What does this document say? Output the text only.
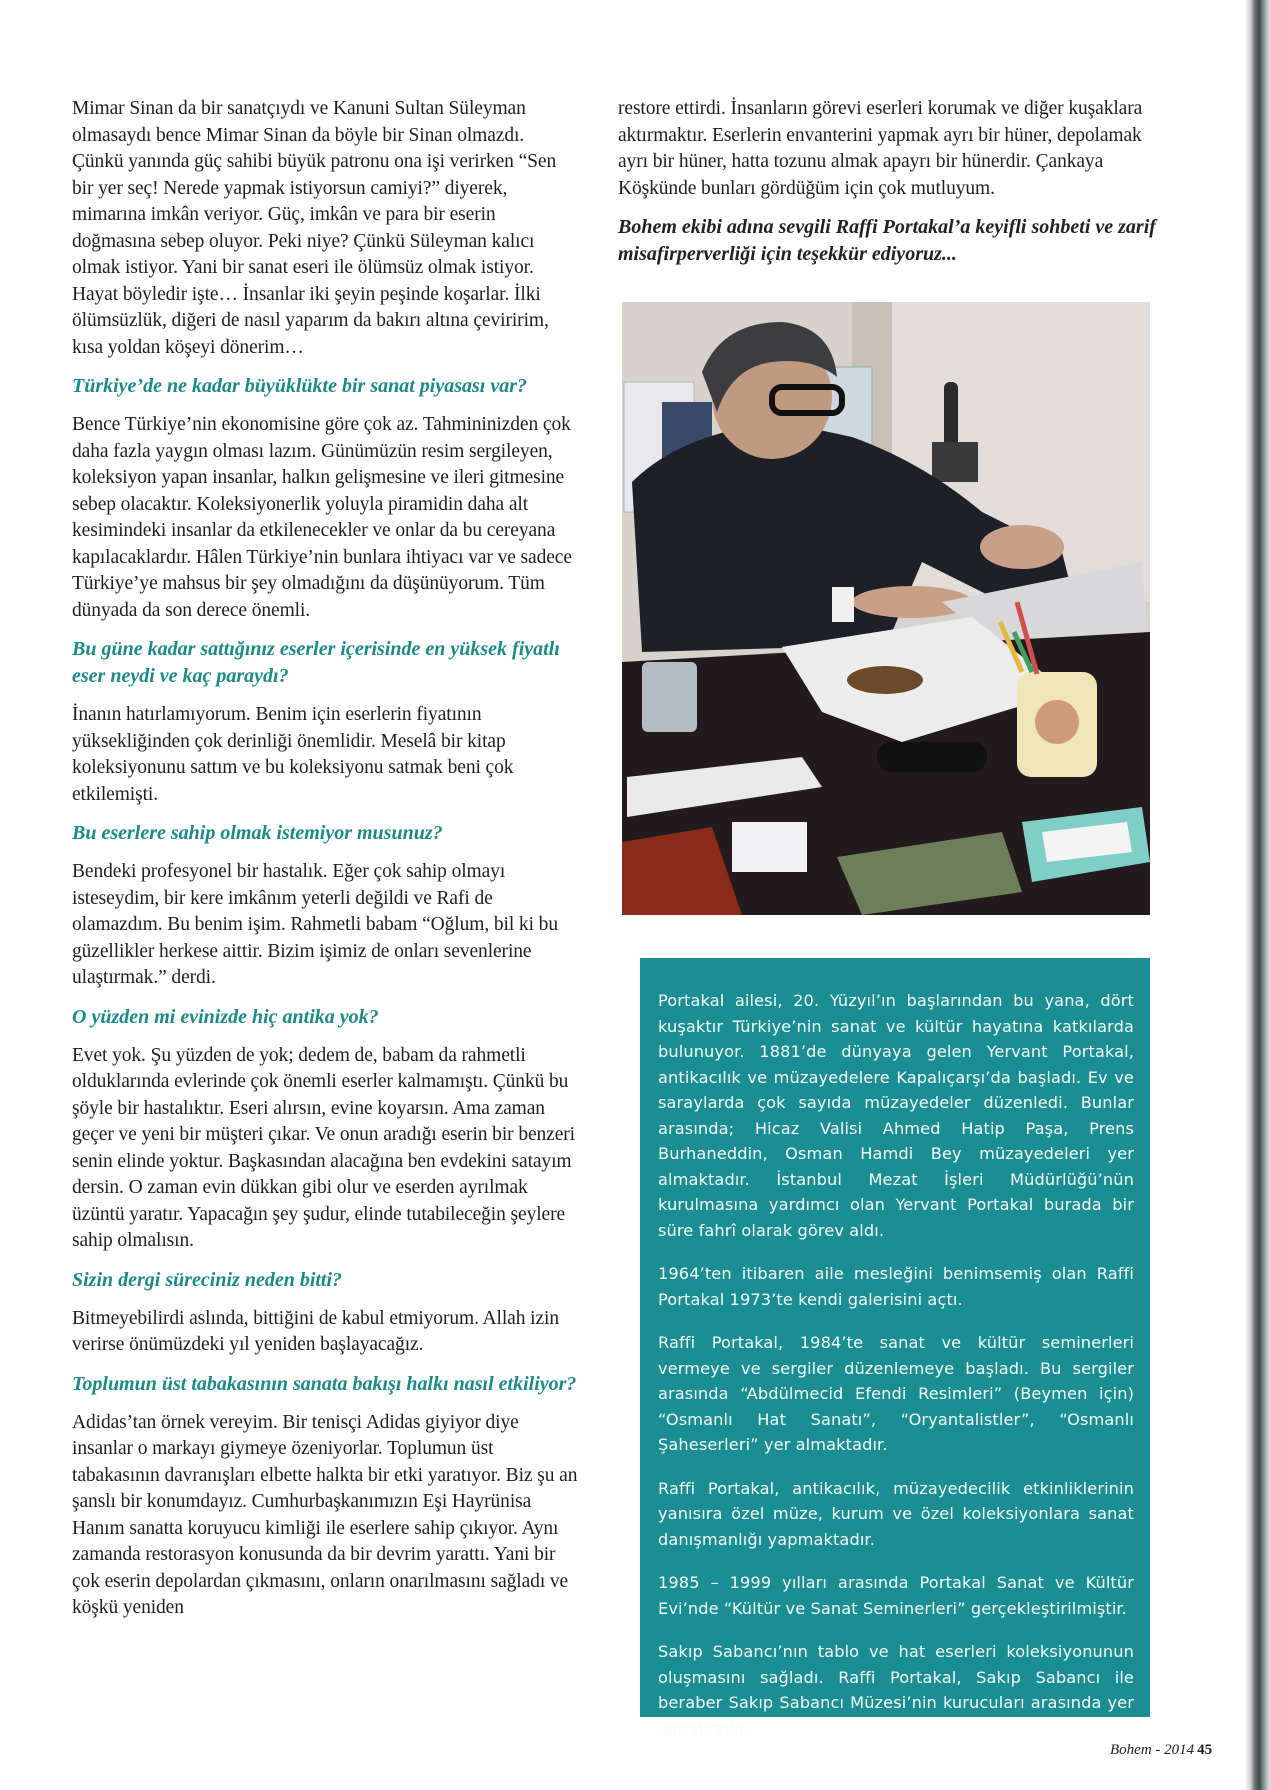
Mimar Sinan da bir sanatçıydı ve Kanuni Sultan Süleyman olmasaydı bence Mimar Sinan da böyle bir Sinan olmazdı. Çünkü yanında güç sahibi büyük patronu ona işi verirken “Sen bir yer seç! Nerede yapmak istiyorsun camiyi?” diyerek, mimarına imkân veriyor. Güç, imkân ve para bir eserin doğmasına sebep oluyor. Peki niye? Çünkü Süleyman kalıcı olmak istiyor. Yani bir sanat eseri ile ölümsüz olmak istiyor. Hayat böyledir işte… İnsanlar iki şeyin peşinde koşarlar. İlki ölümsüzlük, diğeri de nasıl yaparım da bakırı altına çeviririm, kısa yoldan köşeyi dönerim…

Türkiye’de ne kadar büyüklükte bir sanat piyasası var?

Bence Türkiye’nin ekonomisine göre çok az. Tahmininizden çok daha fazla yaygın olması lazım. Günümüzün resim sergileyen, koleksiyon yapan insanlar, halkın gelişmesine ve ileri gitmesine sebep olacaktır. Koleksiyonerlik yoluyla piramidin daha alt kesimindeki insanlar da etkilenecekler ve onlar da bu cereyana kapılacaklardır. Hâlen Türkiye’nin bunlara ihtiyacı var ve sadece Türkiye’ye mahsus bir şey olmadığını da düşünüyorum. Tüm dünyada da son derece önemli.

Bu güne kadar sattığınız eserler içerisinde en yüksek fiyatlı eser neydi ve kaç paraydı?

İnanın hatırlamıyorum. Benim için eserlerin fiyatının yüksekliğinden çok derinliği önemlidir. Meselâ bir kitap koleksiyonunu sattım ve bu koleksiyonu satmak beni çok etkilemişti.

Bu eserlere sahip olmak istemiyor musunuz?

Bendeki profesyonel bir hastalık. Eğer çok sahip olmayı isteseydim, bir kere imkânım yeterli değildi ve Rafi de olamazdım. Bu benim işim. Rahmetli babam “Oğlum, bil ki bu güzellikler herkese aittir. Bizim işimiz de onları sevenlerine ulaştırmak.” derdi.

O yüzden mi evinizde hiç antika yok?

Evet yok. Şu yüzden de yok; dedem de, babam da rahmetli olduklarında evlerinde çok önemli eserler kalmamıştı. Çünkü bu şöyle bir hastalıktır. Eseri alırsın, evine koyarsın. Ama zaman geçer ve yeni bir müşteri çıkar. Ve onun aradığı eserin bir benzeri senin elinde yoktur. Başkasından alacağına ben evdekini satayım dersin. O zaman evin dükkan gibi olur ve eserden ayrılmak üzüntü yaratır. Yapacağın şey şudur, elinde tutabileceğin şeylere sahip olmalısın.

Sizin dergi süreciniz neden bitti?

Bitmeyebilirdi aslında, bittiğini de kabul etmiyorum. Allah izin verirse önümüzdeki yıl yeniden başlayacağız.

Toplumun üst tabakasının sanata bakışı halkı nasıl etkiliyor?

Adidas’tan örnek vereyim. Bir tenisçi Adidas giyiyor diye insanlar o markayı giymeye özeniyorlar. Toplumun üst tabakasının davranışları elbette halkta bir etki yaratıyor. Biz şu an şanslı bir konumdayız. Cumhurbaşkanımızın Eşi Hayrünisa Hanım sanatta koruyucu kimliği ile eserlere sahip çıkıyor. Aynı zamanda restorasyon konusunda da bir devrim yarattı. Yani bir çok eserin depolardan çıkmasını, onların onarılmasını sağladı ve köşkü yeniden

restore ettirdi. İnsanların görevi eserleri korumak ve diğer kuşaklara aktırmaktır. Eserlerin envanterini yapmak ayrı bir hüner, depolamak ayrı bir hüner, hatta tozunu almak apayrı bir hünerdir. Çankaya Köşkünde bunları gördüğüm için çok mutluyum.

Bohem ekibi adına sevgili Raffi Portakal’a keyifli sohbeti ve zarif misafirperverliği için teşekkür ediyoruz...

Portakal ailesi, 20. Yüzyıl’ın başlarından bu yana, dört kuşaktır Türkiye’nin sanat ve kültür hayatına katkılarda bulunuyor. 1881’de dünyaya gelen Yervant Portakal, antikacılık ve müzayedelere Kapalıçarşı’da başladı. Ev ve saraylarda çok sayıda müzayedeler düzenledi. Bunlar arasında; Hicaz Valisi Ahmed Hatip Paşa, Prens Burhaneddin, Osman Hamdi Bey müzayedeleri yer almaktadır. İstanbul Mezat İşleri Müdürlüğü’nün kurulmasına yardımcı olan Yervant Portakal burada bir süre fahrî olarak görev aldı.

1964’ten itibaren aile mesleğini benimsemiş olan Raffi Portakal 1973’te kendi galerisini açtı.

Raffi Portakal, 1984’te sanat ve kültür seminerleri vermeye ve sergiler düzenlemeye başladı. Bu sergiler arasında “Abdülmecid Efendi Resimleri” (Beymen için) “Osmanlı Hat Sanatı”, “Oryantalistler”, “Osmanlı Şaheserleri” yer almaktadır.

Raffi Portakal, antikacılık, müzayedecilik etkinliklerinin yanısıra özel müze, kurum ve özel koleksiyonlara sanat danışmanlığı yapmaktadır.

1985 – 1999 yılları arasında Portakal Sanat ve Kültür Evi’nde “Kültür ve Sanat Seminerleri” gerçekleştirilmiştir.

Sakıp Sabancı’nın tablo ve hat eserleri koleksiyonunun oluşmasını sağladı. Raffi Portakal, Sakıp Sabancı ile beraber Sakıp Sabancı Müzesi’nin kurucuları arasında yer almaktadır.

Bohem - 2014 45
